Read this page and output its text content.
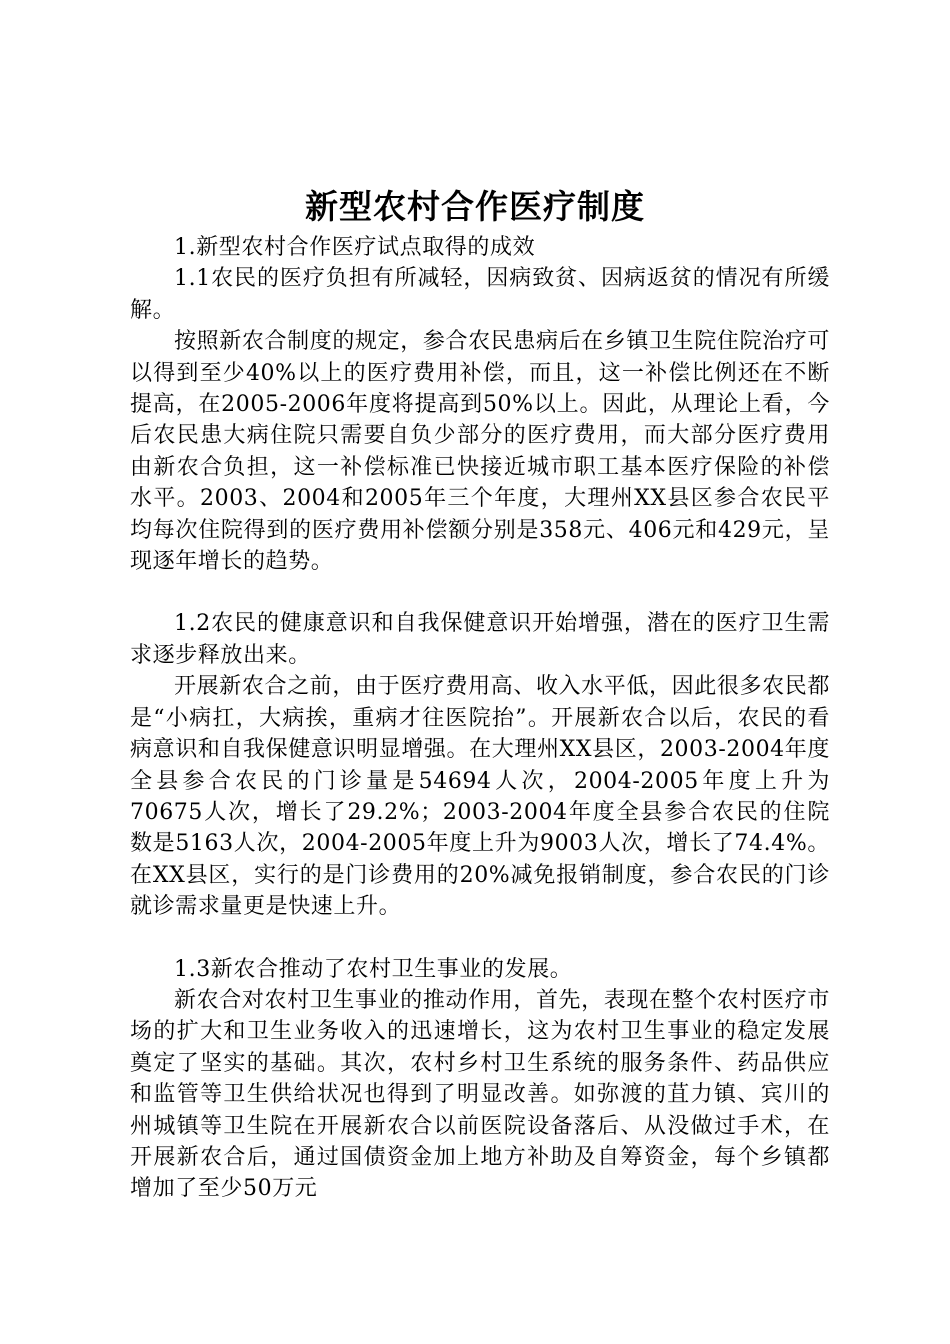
新型农村合作医疗制度

1.新型农村合作医疗试点取得的成效

1.1农民的医疗负担有所减轻，因病致贫、因病返贫的情况有所缓解。

按照新农合制度的规定，参合农民患病后在乡镇卫生院住院治疗可以得到至少40%以上的医疗费用补偿，而且，这一补偿比例还在不断提高，在2005-2006年度将提高到50%以上。因此，从理论上看，今后农民患大病住院只需要自负少部分的医疗费用，而大部分医疗费用由新农合负担，这一补偿标准已快接近城市职工基本医疗保险的补偿水平。2003、2004和2005年三个年度，大理州XX县区参合农民平均每次住院得到的医疗费用补偿额分别是358元、406元和429元，呈现逐年增长的趋势。

1.2农民的健康意识和自我保健意识开始增强，潜在的医疗卫生需求逐步释放出来。

开展新农合之前，由于医疗费用高、收入水平低，因此很多农民都是“小病扛，大病挨，重病才往医院抬”。开展新农合以后，农民的看病意识和自我保健意识明显增强。在大理州XX县区，2003-2004年度全县参合农民的门诊量是54694人次，2004-2005年度上升为70675人次，增长了29.2%；2003-2004年度全县参合农民的住院数是5163人次，2004-2005年度上升为9003人次，增长了74.4%。在XX县区，实行的是门诊费用的20%减免报销制度，参合农民的门诊就诊需求量更是快速上升。

1.3新农合推动了农村卫生事业的发展。

新农合对农村卫生事业的推动作用，首先，表现在整个农村医疗市场的扩大和卫生业务收入的迅速增长，这为农村卫生事业的稳定发展奠定了坚实的基础。其次，农村乡村卫生系统的服务条件、药品供应和监管等卫生供给状况也得到了明显改善。如弥渡的苴力镇、宾川的州城镇等卫生院在开展新农合以前医院设备落后、从没做过手术，在开展新农合后，通过国债资金加上地方补助及自筹资金，每个乡镇都增加了至少50万元
